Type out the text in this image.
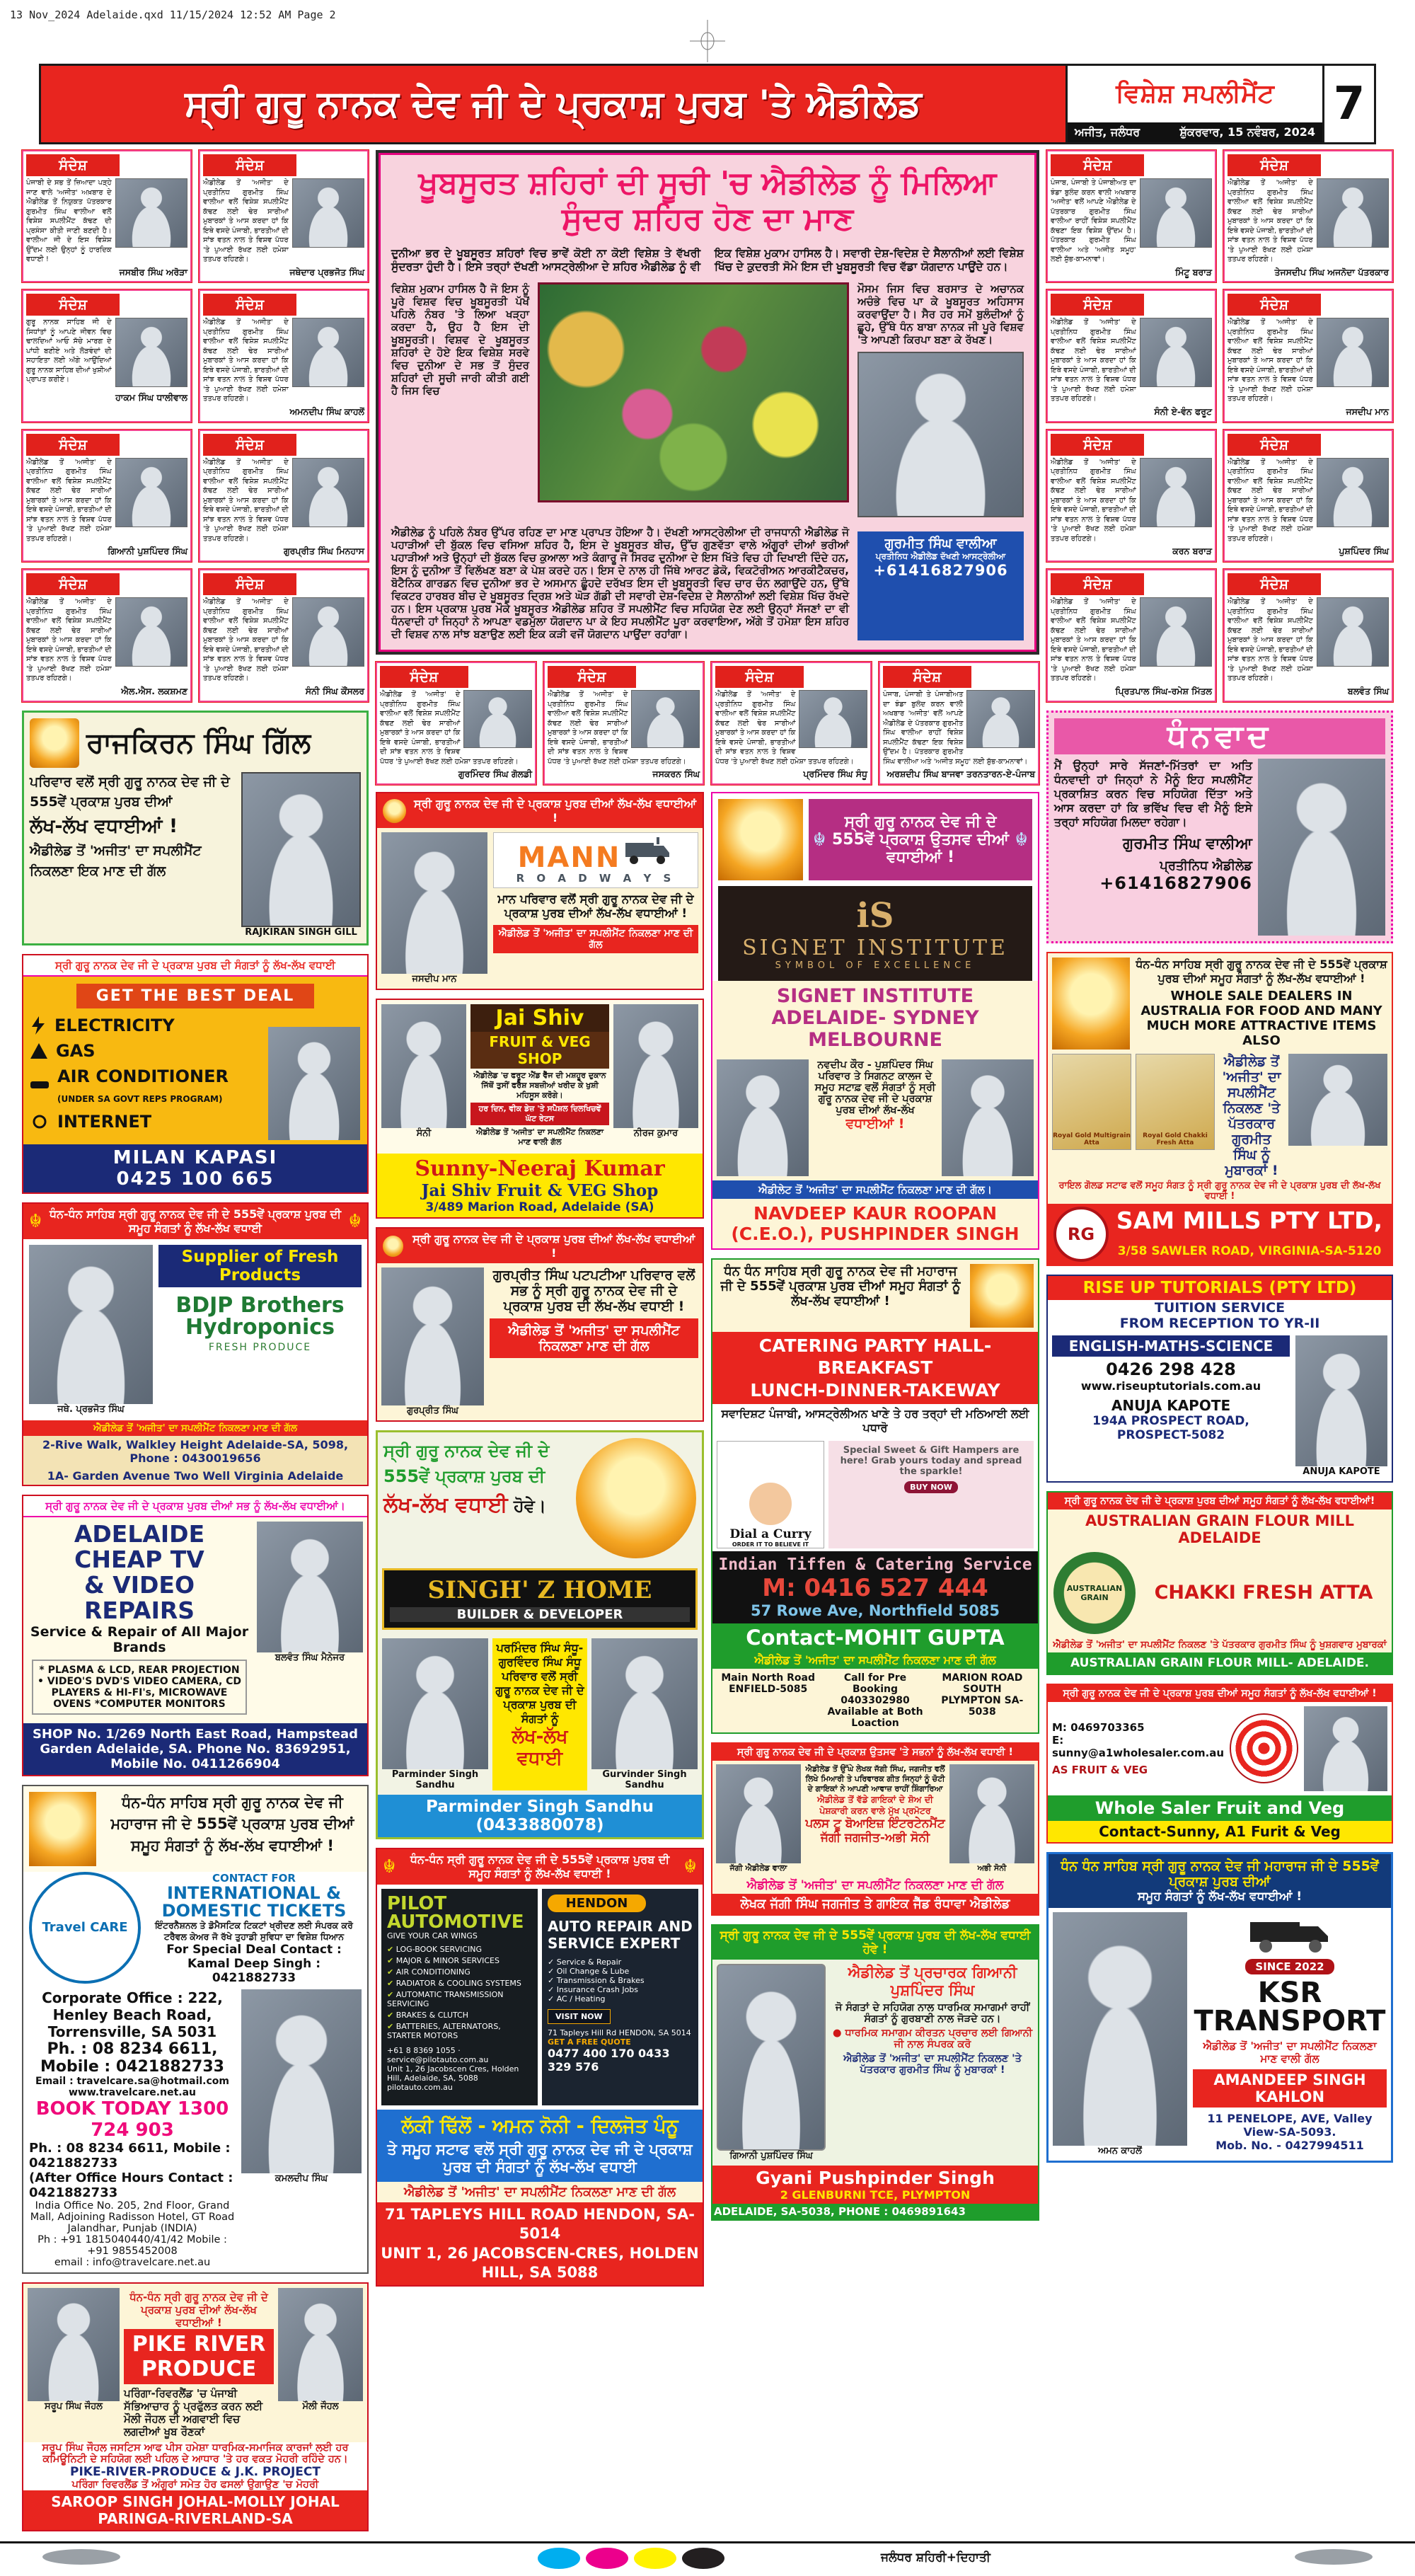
13 Nov_2024 Adelaide.qxd 11/15/2024 12:52 AM Page 2
ਸ੍ਰੀ ਗੁਰੂ ਨਾਨਕ ਦੇਵ ਜੀ ਦੇ ਪ੍ਰਕਾਸ਼ ਪੁਰਬ 'ਤੇ ਐਡੀਲੇਡ	ਵਿਸ਼ੇਸ਼ ਸਪਲੀਮੈਂਟ
ਅਜੀਤ, ਜਲੰਧਰ	ਸ਼ੁੱਕਰਵਾਰ, 15 ਨਵੰਬਰ, 2024
7
ਸੰਦੇਸ਼
ਪੰਜਾਬੀ ਦੇ ਸਭ ਤੋਂ ਜ਼ਿਆਦਾ ਪੜ੍ਹੇ ਜਾਣ ਵਾਲੇ 'ਅਜੀਤ' ਅਖ਼ਬਾਰ ਦੇ ਐਡੀਲੇਡ ਤੋਂ ਨਿਯੁਕਤ ਪੱਤਰਕਾਰ ਗੁਰਮੀਤ ਸਿੰਘ ਵਾਲੀਆ ਵਲੋਂ ਵਿਸ਼ੇਸ਼ ਸਪਲੀਮੈਂਟ ਕੱਢਣ ਦੀ ਪ੍ਰਸੰਸਾ ਕੀਤੀ ਜਾਣੀ ਬਣਦੀ ਹੈ। ਵਾਲੀਆ ਜੀ ਦੇ ਇਸ ਵਿਸ਼ੇਸ਼ ਉੱਦਮ ਲਈ ਉਨ੍ਹਾਂ ਨੂੰ ਹਾਰਦਿਕ ਵਧਾਈ !
ਜਸਬੀਰ ਸਿੰਘ ਅਰੋੜਾ
ਸੰਦੇਸ਼
ਐਡੀਲੇਡ ਤੋਂ 'ਅਜੀਤ' ਦੇ ਪ੍ਰਤੀਨਿਧ ਗੁਰਮੀਤ ਸਿੰਘ ਵਾਲੀਆ ਵਲੋਂ ਵਿਸ਼ੇਸ਼ ਸਪਲੀਮੈਂਟ ਕੱਢਣ ਲਈ ਢੇਰ ਸਾਰੀਆਂ ਮੁਬਾਰਕਾਂ ਤੇ ਆਸ ਕਰਦਾ ਹਾਂ ਕਿ ਇਥੇ ਵਸਦੇ ਪੰਜਾਬੀ, ਭਾਰਤੀਆਂ ਦੀ ਸਾਂਝ ਵਤਨ ਨਾਲ ਤੇ ਵਿਸ਼ਵ ਪੱਧਰ 'ਤੇ ਪੁਆਈ ਰੱਖਣ ਲਈ ਹਮੇਸ਼ਾ ਤਤਪਰ ਰਹਿਣਗੇ।
ਜਥੇਦਾਰ ਪ੍ਰਭਜੋਤ ਸਿੰਘ
ਸੰਦੇਸ਼
ਗੁਰੂ ਨਾਨਕ ਸਾਹਿਬ ਜੀ ਦੇ ਸਿਧਾਂਤਾਂ ਨੂੰ ਆਪਣੇ ਜੀਵਨ ਵਿਚ ਢਾਲਦਿਆਂ ਆਓ ਸੱਚੇ ਮਾਰਗ ਦੇ ਪਾਂਧੀ ਬਣੀਏ ਅਤੇ ਲੋੜਵੰਦਾਂ ਦੀ ਸਹਾਇਤਾ ਲਈ ਅੱਗੇ ਆਉਂਦਿਆਂ ਗੁਰੂ ਨਾਨਕ ਸਾਹਿਬ ਦੀਆਂ ਖੁਸ਼ੀਆਂ ਪ੍ਰਾਪਤ ਕਰੀਏ।
ਹਾਕਮ ਸਿੰਘ ਧਾਲੀਵਾਲ
ਸੰਦੇਸ਼
ਐਡੀਲੇਡ ਤੋਂ 'ਅਜੀਤ' ਦੇ ਪ੍ਰਤੀਨਿਧ ਗੁਰਮੀਤ ਸਿੰਘ ਵਾਲੀਆ ਵਲੋਂ ਵਿਸ਼ੇਸ਼ ਸਪਲੀਮੈਂਟ ਕੱਢਣ ਲਈ ਢੇਰ ਸਾਰੀਆਂ ਮੁਬਾਰਕਾਂ ਤੇ ਆਸ ਕਰਦਾ ਹਾਂ ਕਿ ਇਥੇ ਵਸਦੇ ਪੰਜਾਬੀ, ਭਾਰਤੀਆਂ ਦੀ ਸਾਂਝ ਵਤਨ ਨਾਲ ਤੇ ਵਿਸ਼ਵ ਪੱਧਰ 'ਤੇ ਪੁਆਈ ਰੱਖਣ ਲਈ ਹਮੇਸ਼ਾ ਤਤਪਰ ਰਹਿਣਗੇ।
ਅਮਨਦੀਪ ਸਿੰਘ ਕਾਹਲੋਂ
ਸੰਦੇਸ਼
ਐਡੀਲੇਡ ਤੋਂ 'ਅਜੀਤ' ਦੇ ਪ੍ਰਤੀਨਿਧ ਗੁਰਮੀਤ ਸਿੰਘ ਵਾਲੀਆ ਵਲੋਂ ਵਿਸ਼ੇਸ਼ ਸਪਲੀਮੈਂਟ ਕੱਢਣ ਲਈ ਢੇਰ ਸਾਰੀਆਂ ਮੁਬਾਰਕਾਂ ਤੇ ਆਸ ਕਰਦਾ ਹਾਂ ਕਿ ਇਥੇ ਵਸਦੇ ਪੰਜਾਬੀ, ਭਾਰਤੀਆਂ ਦੀ ਸਾਂਝ ਵਤਨ ਨਾਲ ਤੇ ਵਿਸ਼ਵ ਪੱਧਰ 'ਤੇ ਪੁਆਈ ਰੱਖਣ ਲਈ ਹਮੇਸ਼ਾ ਤਤਪਰ ਰਹਿਣਗੇ।
ਗਿਆਨੀ ਪੁਸ਼ਪਿੰਦਰ ਸਿੰਘ
ਸੰਦੇਸ਼
ਐਡੀਲੇਡ ਤੋਂ 'ਅਜੀਤ' ਦੇ ਪ੍ਰਤੀਨਿਧ ਗੁਰਮੀਤ ਸਿੰਘ ਵਾਲੀਆ ਵਲੋਂ ਵਿਸ਼ੇਸ਼ ਸਪਲੀਮੈਂਟ ਕੱਢਣ ਲਈ ਢੇਰ ਸਾਰੀਆਂ ਮੁਬਾਰਕਾਂ ਤੇ ਆਸ ਕਰਦਾ ਹਾਂ ਕਿ ਇਥੇ ਵਸਦੇ ਪੰਜਾਬੀ, ਭਾਰਤੀਆਂ ਦੀ ਸਾਂਝ ਵਤਨ ਨਾਲ ਤੇ ਵਿਸ਼ਵ ਪੱਧਰ 'ਤੇ ਪੁਆਈ ਰੱਖਣ ਲਈ ਹਮੇਸ਼ਾ ਤਤਪਰ ਰਹਿਣਗੇ।
ਗੁਰਪ੍ਰੀਤ ਸਿੰਘ ਮਿਨਹਾਸ
ਸੰਦੇਸ਼
ਐਡੀਲੇਡ ਤੋਂ 'ਅਜੀਤ' ਦੇ ਪ੍ਰਤੀਨਿਧ ਗੁਰਮੀਤ ਸਿੰਘ ਵਾਲੀਆ ਵਲੋਂ ਵਿਸ਼ੇਸ਼ ਸਪਲੀਮੈਂਟ ਕੱਢਣ ਲਈ ਢੇਰ ਸਾਰੀਆਂ ਮੁਬਾਰਕਾਂ ਤੇ ਆਸ ਕਰਦਾ ਹਾਂ ਕਿ ਇਥੇ ਵਸਦੇ ਪੰਜਾਬੀ, ਭਾਰਤੀਆਂ ਦੀ ਸਾਂਝ ਵਤਨ ਨਾਲ ਤੇ ਵਿਸ਼ਵ ਪੱਧਰ 'ਤੇ ਪੁਆਈ ਰੱਖਣ ਲਈ ਹਮੇਸ਼ਾ ਤਤਪਰ ਰਹਿਣਗੇ।
ਐਲ.ਐਸ. ਲਕਸ਼ਮਣ
ਸੰਦੇਸ਼
ਐਡੀਲੇਡ ਤੋਂ 'ਅਜੀਤ' ਦੇ ਪ੍ਰਤੀਨਿਧ ਗੁਰਮੀਤ ਸਿੰਘ ਵਾਲੀਆ ਵਲੋਂ ਵਿਸ਼ੇਸ਼ ਸਪਲੀਮੈਂਟ ਕੱਢਣ ਲਈ ਢੇਰ ਸਾਰੀਆਂ ਮੁਬਾਰਕਾਂ ਤੇ ਆਸ ਕਰਦਾ ਹਾਂ ਕਿ ਇਥੇ ਵਸਦੇ ਪੰਜਾਬੀ, ਭਾਰਤੀਆਂ ਦੀ ਸਾਂਝ ਵਤਨ ਨਾਲ ਤੇ ਵਿਸ਼ਵ ਪੱਧਰ 'ਤੇ ਪੁਆਈ ਰੱਖਣ ਲਈ ਹਮੇਸ਼ਾ ਤਤਪਰ ਰਹਿਣਗੇ।
ਸੰਨੀ ਸਿੰਘ ਕੌਂਸਲਰ
ਰਾਜਕਿਰਨ ਸਿੰਘ ਗਿੱਲ
ਪਰਿਵਾਰ ਵਲੋਂ ਸ੍ਰੀ ਗੁਰੂ ਨਾਨਕ ਦੇਵ ਜੀ ਦੇ 555ਵੇਂ ਪ੍ਰਕਾਸ਼ ਪੁਰਬ ਦੀਆਂ
ਲੱਖ-ਲੱਖ ਵਧਾਈਆਂ !
ਐਡੀਲੇਡ ਤੋਂ 'ਅਜੀਤ' ਦਾ ਸਪਲੀਮੈਂਟ ਨਿਕਲਣਾ ਇਕ ਮਾਣ ਦੀ ਗੱਲ
RAJKIRAN SINGH GILL
ਸ੍ਰੀ ਗੁਰੂ ਨਾਨਕ ਦੇਵ ਜੀ ਦੇ ਪ੍ਰਕਾਸ਼ ਪੁਰਬ ਦੀ ਸੰਗਤਾਂ ਨੂੰ ਲੱਖ-ਲੱਖ ਵਧਾਈ
GET THE BEST DEAL
ELECTRICITY
GAS
AIR CONDITIONER
(UNDER SA GOVT REPS PROGRAM)
INTERNET
MILAN KAPASI
0425 100 665
☬ ਧੰਨ-ਧੰਨ ਸਾਹਿਬ ਸ੍ਰੀ ਗੁਰੂ ਨਾਨਕ ਦੇਵ ਜੀ ਦੇ 555ਵੇਂ ਪ੍ਰਕਾਸ਼ ਪੁਰਬ ਦੀ ਸਮੂਹ ਸੰਗਤਾਂ ਨੂੰ ਲੱਖ-ਲੱਖ ਵਧਾਈ	☬
ਜਥੇ. ਪ੍ਰਭਜੋਤ ਸਿੰਘ
Supplier of Fresh Products
BDJP Brothers Hydroponics
FRESH PRODUCE
ਐਡੀਲੇਡ ਤੋਂ 'ਅਜੀਤ' ਦਾ ਸਪਲੀਮੈਂਟ ਨਿਕਲਣਾ ਮਾਣ ਦੀ ਗੱਲ
2-Rive Walk, Walkley Height Adelaide-SA, 5098, Phone : 0430019656
1A- Garden Avenue Two Well Virginia Adelaide
ਸ੍ਰੀ ਗੁਰੂ ਨਾਨਕ ਦੇਵ ਜੀ ਦੇ ਪ੍ਰਕਾਸ਼ ਪੁਰਬ ਦੀਆਂ ਸਭ ਨੂੰ ਲੱਖ-ਲੱਖ ਵਧਾਈਆਂ।
ADELAIDE CHEAP TV
& VIDEO REPAIRS
Service & Repair of All Major Brands
* PLASMA & LCD, REAR PROJECTION • VIDEO'S DVD'S VIDEO CAMERA, CD PLAYERS & HI-FI's, MICROWAVE OVENS *COMPUTER MONITORS
ਬਲਵੰਤ ਸਿੰਘ ਮੈਨੇਜਰ
SHOP No. 1/269 North East Road, Hampstead Garden Adelaide, SA. Phone No. 83692951, Mobile No. 0411266904
ਧੰਨ-ਧੰਨ ਸਾਹਿਬ ਸ੍ਰੀ ਗੁਰੂ ਨਾਨਕ ਦੇਵ ਜੀ ਮਹਾਰਾਜ ਜੀ ਦੇ 555ਵੇਂ ਪ੍ਰਕਾਸ਼ ਪੁਰਬ ਦੀਆਂ ਸਮੂਹ ਸੰਗਤਾਂ ਨੂੰ ਲੱਖ-ਲੱਖ ਵਧਾਈਆਂ !
Travel CARE
CONTACT FOR
INTERNATIONAL & DOMESTIC TICKETS
ਇੰਟਰਨੈਸ਼ਨਲ ਤੇ ਡੋਮੈਸਟਿਕ ਟਿਕਟਾਂ ਖ੍ਰੀਦਣ ਲਈ ਸੰਪਰਕ ਕਰੋ
ਟਰੈਵਲ ਕੇਅਰ ਜੋ ਰੱਖੇ ਤੁਹਾਡੀ ਸੁਵਿਧਾ ਦਾ ਵਿਸ਼ੇਸ਼ ਧਿਆਨ
For Special Deal Contact : Kamal Deep Singh : 0421882733
Corporate Office : 222, Henley Beach Road, Torrensville, SA 5031
Ph. : 08 8234 6611, Mobile : 0421882733
Email : travelcare.sa@hotmail.com www.travelcare.net.au
BOOK TODAY 1300 724 903
Ph. : 08 8234 6611, Mobile : 0421882733
(After Office Hours Contact : 0421882733
India Office No. 205, 2nd Floor, Grand Mall, Adjoining Radisson Hotel, GT Road Jalandhar, Punjab (INDIA)
Ph : +91 1815040440/41/42 Mobile : +91 9855452008
email : info@travelcare.net.au
ਕਮਲਦੀਪ ਸਿੰਘ
ਸਰੂਪ ਸਿੰਘ ਜੌਹਲ
ਧੰਨ-ਧੰਨ ਸ੍ਰੀ ਗੁਰੂ ਨਾਨਕ ਦੇਵ ਜੀ ਦੇ ਪ੍ਰਕਾਸ਼ ਪੁਰਬ ਦੀਆਂ ਲੱਖ-ਲੱਖ ਵਧਾਈਆਂ !
PIKE RIVER PRODUCE
ਪਰਿੰਗਾ-ਰਿਵਰਲੈਂਡ 'ਚ ਪੰਜਾਬੀ ਸੱਭਿਆਚਾਰ ਨੂੰ ਪ੍ਰਫੁੱਲਤ ਕਰਨ ਲਈ ਮੌਲੀ ਜੌਹਲ ਦੀ ਅਗਵਾਈ ਵਿਚ ਲਗਦੀਆਂ ਖੂਬ ਰੌਣਕਾਂ
ਮੌਲੀ ਜੌਹਲ
ਸਰੂਪ ਸਿੰਘ ਜੌਹਲ ਜਸਟਿਸ ਆਫ ਪੀਸ ਹਮੇਸ਼ਾ ਧਾਰਮਿਕ-ਸਮਾਜਿਕ ਕਾਰਜਾਂ ਲਈ ਹਰ ਕਮਿਊਨਿਟੀ ਦੇ ਸਹਿਯੋਗ ਲਈ ਪਹਿਲ ਦੇ ਆਧਾਰ 'ਤੇ ਹਰ ਵਕਤ ਮੋਹਰੀ ਰਹਿੰਦੇ ਹਨ।
PIKE-RIVER-PRODUCE & J.K. PROJECT
ਪਰਿੰਗਾ ਰਿਵਰਲੈਂਡ ਤੋਂ ਅੰਗੂਰਾਂ ਸਮੇਤ ਹੋਰ ਫਸਲਾਂ ਉਗਾਉਣ 'ਚ ਮੋਹਰੀ
SAROOP SINGH JOHAL-MOLLY JOHAL
PARINGA-RIVERLAND-SA
ਖੂਬਸੂਰਤ ਸ਼ਹਿਰਾਂ ਦੀ ਸੂਚੀ 'ਚ ਐਡੀਲੇਡ ਨੂੰ ਮਿਲਿਆ ਸੁੰਦਰ ਸ਼ਹਿਰ ਹੋਣ ਦਾ ਮਾਣ
ਦੁਨੀਆ ਭਰ ਦੇ ਖੂਬਸੂਰਤ ਸ਼ਹਿਰਾਂ ਵਿਚ ਭਾਵੇਂ ਕੋਈ ਨਾ ਕੋਈ ਵਿਸ਼ੇਸ਼ ਤੇ ਵੱਖਰੀ ਸੁੰਦਰਤਾ ਹੁੰਦੀ ਹੈ। ਇਸੇ ਤਰ੍ਹਾਂ ਦੱਖਣੀ ਆਸਟ੍ਰੇਲੀਆ ਦੇ ਸ਼ਹਿਰ ਐਡੀਲੇਡ ਨੂੰ ਵੀ ਇਕ ਵਿਸ਼ੇਸ਼ ਮੁਕਾਮ ਹਾਸਿਲ ਹੈ। ਸਵਾਰੀ ਦੇਸ਼-ਵਿਦੇਸ਼ ਦੇ ਸੈਲਾਨੀਆਂ ਲਈ ਵਿਸ਼ੇਸ਼ ਖਿੱਚ ਦੇ ਕੁਦਰਤੀ ਸੋਮੇ ਇਸ ਦੀ ਖੂਬਸੂਰਤੀ ਵਿਚ ਵੱਡਾ ਯੋਗਦਾਨ ਪਾਉਂਦੇ ਹਨ।
ਵਿਸ਼ੇਸ਼ ਮੁਕਾਮ ਹਾਸਿਲ ਹੈ ਜੋ ਇਸ ਨੂੰ ਪੂਰੇ ਵਿਸ਼ਵ ਵਿਚ ਖੂਬਸੂਰਤੀ ਪੱਖੋਂ ਪਹਿਲੇ ਨੰਬਰ 'ਤੇ ਲਿਆ ਖੜ੍ਹਾ ਕਰਦਾ ਹੈ, ਉਹ ਹੈ ਇਸ ਦੀ ਖੂਬਸੂਰਤੀ। ਵਿਸ਼ਵ ਦੇ ਖੂਬਸੂਰਤ ਸ਼ਹਿਰਾਂ ਦੇ ਹੋਏ ਇਕ ਵਿਸ਼ੇਸ਼ ਸਰਵੇ ਵਿਚ ਦੁਨੀਆ ਦੇ ਸਭ ਤੋਂ ਸੁੰਦਰ ਸ਼ਹਿਰਾਂ ਦੀ ਸੂਚੀ ਜਾਰੀ ਕੀਤੀ ਗਈ ਹੈ ਜਿਸ ਵਿਚ
ਮੌਸਮ ਜਿਸ ਵਿਚ ਬਰਸਾਤ ਦੇ ਅਚਾਨਕ ਅਚੰਭੇ ਵਿਚ ਪਾ ਕੇ ਖੂਬਸੂਰਤ ਅਹਿਸਾਸ ਕਰਵਾਉਂਦਾ ਹੈ। ਸੈਰ ਹਰ ਸਮੇਂ ਬੁਲੰਦੀਆਂ ਨੂੰ ਛੂਹੇ, ਉੱਥੇ ਧੰਨ ਬਾਬਾ ਨਾਨਕ ਜੀ ਪੂਰੇ ਵਿਸ਼ਵ 'ਤੇ ਆਪਣੀ ਕਿਰਪਾ ਬਣਾ ਕੇ ਰੱਖਣ।
ਐਡੀਲੇਡ ਨੂੰ ਪਹਿਲੇ ਨੰਬਰ ਉੱਪਰ ਰਹਿਣ ਦਾ ਮਾਣ ਪ੍ਰਾਪਤ ਹੋਇਆ ਹੈ। ਦੱਖਣੀ ਆਸਟ੍ਰੇਲੀਆ ਦੀ ਰਾਜਧਾਨੀ ਐਡੀਲੇਡ ਜੋ ਪਹਾੜੀਆਂ ਦੀ ਬੁੱਕਲ ਵਿਚ ਵਸਿਆ ਸ਼ਹਿਰ ਹੈ, ਇਸ ਦੇ ਖੂਬਸੂਰਤ ਬੀਚ, ਉੱਚ ਗੁਣਵੱਤਾ ਵਾਲੇ ਅੰਗੂਰਾਂ ਦੀਆਂ ਭਰੀਆਂ ਪਹਾੜੀਆਂ ਅਤੇ ਉਨ੍ਹਾਂ ਦੀ ਬੁੱਕਲ ਵਿਚ ਕੁਆਲਾ ਅਤੇ ਕੰਗਾਰੂ ਜੋ ਸਿਰਫ ਦੁਨੀਆ ਦੇ ਇਸ ਖਿੱਤੇ ਵਿਚ ਹੀ ਦਿਖਾਈ ਦਿੰਦੇ ਹਨ, ਇਸ ਨੂੰ ਦੁਨੀਆ ਤੋਂ ਵਿਲੱਖਣ ਬਣਾ ਕੇ ਪੇਸ਼ ਕਰਦੇ ਹਨ। ਇਸ ਦੇ ਨਾਲ ਹੀ ਜਿੱਥੇ ਆਰਟ ਡੇਕੋ, ਵਿਕਟੋਰੀਅਨ ਆਰਕੀਟੈਕਚਰ, ਬੋਟੈਨਿਕ ਗਾਰਡਨ ਵਿਚ ਦੁਨੀਆ ਭਰ ਦੇ ਅਸਮਾਨ ਛੂੰਹਦੇ ਦਰੱਖਤ ਇਸ ਦੀ ਖੂਬਸੂਰਤੀ ਵਿਚ ਚਾਰ ਚੰਨ ਲਗਾਉਂਦੇ ਹਨ, ਉੱਥੇ ਵਿਕਟਰ ਹਾਰਬਰ ਬੀਚ ਦੇ ਖੂਬਸੂਰਤ ਦ੍ਰਿਸ਼ ਅਤੇ ਘੋੜ ਗੱਡੀ ਦੀ ਸਵਾਰੀ ਦੇਸ਼-ਵਿਦੇਸ਼ ਦੇ ਸੈਲਾਨੀਆਂ ਲਈ ਵਿਸ਼ੇਸ਼ ਖਿੱਚ ਰੱਖਦੇ ਹਨ। ਇਸ ਪ੍ਰਕਾਸ਼ ਪੁਰਬ ਮੌਕੇ ਖੂਬਸੂਰਤ ਐਡੀਲੇਡ ਸ਼ਹਿਰ ਤੋਂ ਸਪਲੀਮੈਂਟ ਵਿਚ ਸਹਿਯੋਗ ਦੇਣ ਲਈ ਉਨ੍ਹਾਂ ਸੱਜਣਾਂ ਦਾ ਵੀ ਧੰਨਵਾਦੀ ਹਾਂ ਜਿਨ੍ਹਾਂ ਨੇ ਆਪਣਾ ਵਡਮੁੱਲਾ ਯੋਗਦਾਨ ਪਾ ਕੇ ਇਹ ਸਪਲੀਮੈਂਟ ਪੂਰਾ ਕਰਵਾਇਆ, ਅੱਗੇ ਤੋਂ ਹਮੇਸ਼ਾ ਇਸ ਸ਼ਹਿਰ ਦੀ ਵਿਸ਼ਵ ਨਾਲ ਸਾਂਝ ਬਣਾਉਣ ਲਈ ਇਕ ਕੜੀ ਵਜੋਂ ਯੋਗਦਾਨ ਪਾਉਂਦਾ ਰਹਾਂਗਾ।
ਗੁਰਮੀਤ ਸਿੰਘ ਵਾਲੀਆ
ਪ੍ਰਤੀਨਿਧ ਐਡੀਲੇਡ ਦੱਖਣੀ ਆਸਟ੍ਰੇਲੀਆ
+61416827906
ਸੰਦੇਸ਼
ਐਡੀਲੇਡ ਤੋਂ 'ਅਜੀਤ' ਦੇ ਪ੍ਰਤੀਨਿਧ ਗੁਰਮੀਤ ਸਿੰਘ ਵਾਲੀਆ ਵਲੋਂ ਵਿਸ਼ੇਸ਼ ਸਪਲੀਮੈਂਟ ਕੱਢਣ ਲਈ ਢੇਰ ਸਾਰੀਆਂ ਮੁਬਾਰਕਾਂ ਤੇ ਆਸ ਕਰਦਾ ਹਾਂ ਕਿ ਇਥੇ ਵਸਦੇ ਪੰਜਾਬੀ, ਭਾਰਤੀਆਂ ਦੀ ਸਾਂਝ ਵਤਨ ਨਾਲ ਤੇ ਵਿਸ਼ਵ ਪੱਧਰ 'ਤੇ ਪੁਆਈ ਰੱਖਣ ਲਈ ਹਮੇਸ਼ਾ ਤਤਪਰ ਰਹਿਣਗੇ।
ਗੁਰਮਿੰਦਰ ਸਿੰਘ ਗੋਲਡੀ
ਸੰਦੇਸ਼
ਐਡੀਲੇਡ ਤੋਂ 'ਅਜੀਤ' ਦੇ ਪ੍ਰਤੀਨਿਧ ਗੁਰਮੀਤ ਸਿੰਘ ਵਾਲੀਆ ਵਲੋਂ ਵਿਸ਼ੇਸ਼ ਸਪਲੀਮੈਂਟ ਕੱਢਣ ਲਈ ਢੇਰ ਸਾਰੀਆਂ ਮੁਬਾਰਕਾਂ ਤੇ ਆਸ ਕਰਦਾ ਹਾਂ ਕਿ ਇਥੇ ਵਸਦੇ ਪੰਜਾਬੀ, ਭਾਰਤੀਆਂ ਦੀ ਸਾਂਝ ਵਤਨ ਨਾਲ ਤੇ ਵਿਸ਼ਵ ਪੱਧਰ 'ਤੇ ਪੁਆਈ ਰੱਖਣ ਲਈ ਹਮੇਸ਼ਾ ਤਤਪਰ ਰਹਿਣਗੇ।
ਜਸਕਰਨ ਸਿੰਘ
ਸੰਦੇਸ਼
ਐਡੀਲੇਡ ਤੋਂ 'ਅਜੀਤ' ਦੇ ਪ੍ਰਤੀਨਿਧ ਗੁਰਮੀਤ ਸਿੰਘ ਵਾਲੀਆ ਵਲੋਂ ਵਿਸ਼ੇਸ਼ ਸਪਲੀਮੈਂਟ ਕੱਢਣ ਲਈ ਢੇਰ ਸਾਰੀਆਂ ਮੁਬਾਰਕਾਂ ਤੇ ਆਸ ਕਰਦਾ ਹਾਂ ਕਿ ਇਥੇ ਵਸਦੇ ਪੰਜਾਬੀ, ਭਾਰਤੀਆਂ ਦੀ ਸਾਂਝ ਵਤਨ ਨਾਲ ਤੇ ਵਿਸ਼ਵ ਪੱਧਰ 'ਤੇ ਪੁਆਈ ਰੱਖਣ ਲਈ ਹਮੇਸ਼ਾ ਤਤਪਰ ਰਹਿਣਗੇ।
ਪ੍ਰਮਿੰਦਰ ਸਿੰਘ ਸੰਧੂ
ਸੰਦੇਸ਼
ਪੰਜਾਬ, ਪੰਜਾਬੀ ਤੇ ਪੰਜਾਬੀਅਤ ਦਾ ਝੰਡਾ ਬੁਲੰਦ ਕਰਨ ਵਾਲੀ ਅਖਬਾਰ 'ਅਜੀਤ' ਵਲੋਂ ਆਪਣੇ ਐਡੀਲੇਡ ਦੇ ਪੱਤਰਕਾਰ ਗੁਰਮੀਤ ਸਿੰਘ ਵਾਲੀਆ ਰਾਹੀਂ ਵਿਸ਼ੇਸ਼ ਸਪਲੀਮੈਂਟ ਕੱਢਣਾ ਇਕ ਵਿਸ਼ੇਸ਼ ਉੱਦਮ ਹੈ। ਪੱਤਰਕਾਰ ਗੁਰਮੀਤ ਸਿੰਘ ਵਾਲੀਆ ਅਤੇ 'ਅਜੀਤ ਸਮੂਹ' ਲਈ ਸ਼ੁੱਭ-ਕਾਮਨਾਵਾਂ।
ਅਰਸ਼ਦੀਪ ਸਿੰਘ ਬਾਜਵਾ ਤਰਨਤਾਰਨ-ਏ-ਪੰਜਾਬ
ਸ੍ਰੀ ਗੁਰੂ ਨਾਨਕ ਦੇਵ ਜੀ ਦੇ ਪ੍ਰਕਾਸ਼ ਪੁਰਬ ਦੀਆਂ ਲੱਖ-ਲੱਖ ਵਧਾਈਆਂ !
ਜਸਦੀਪ ਮਾਨ
MANN
R O A D W A Y S
ਮਾਨ ਪਰਿਵਾਰ ਵਲੋਂ ਸ੍ਰੀ ਗੁਰੂ ਨਾਨਕ ਦੇਵ ਜੀ ਦੇ ਪ੍ਰਕਾਸ਼ ਪੁਰਬ ਦੀਆਂ ਲੱਖ-ਲੱਖ ਵਧਾਈਆਂ !
ਐਡੀਲੇਡ ਤੋਂ 'ਅਜੀਤ' ਦਾ ਸਪਲੀਮੈਂਟ ਨਿਕਲਣਾ ਮਾਣ ਦੀ ਗੱਲ
ਸੰਨੀ
Jai Shiv
FRUIT & VEG SHOP
ਐਡੀਲੇਡ 'ਚ ਫਰੂਟ ਐਂਡ ਵੈੱਜ ਦੀ ਮਸ਼ਹੂਰ ਦੁਕਾਨ ਜਿੱਥੋਂ ਤੁਸੀਂ ਫਰੈੱਸ਼ ਸਬਜ਼ੀਆਂ ਖਰੀਦ ਕੇ ਖੁਸ਼ੀ ਮਹਿਸੂਸ ਕਰੋਗੇ।
ਹਰ ਦਿਨ, ਵੀਕ ਡੇਜ਼ 'ਤੇ ਸਪੈਸ਼ਲ ਦਿਲਖਿਚਵੇਂ ਘੱਟ ਰੇਟਸ
ਐਡੀਲੇਡ ਤੋਂ 'ਅਜੀਤ' ਦਾ ਸਪਲੀਮੈਂਟ ਨਿਕਲਣਾ ਮਾਣ ਵਾਲੀ ਗੱਲ
ਨੀਰਜ ਕੁਮਾਰ
Sunny-Neeraj Kumar
Jai Shiv Fruit & VEG Shop
3/489 Marion Road, Adelaide (SA)
ਸ੍ਰੀ ਗੁਰੂ ਨਾਨਕ ਦੇਵ ਜੀ ਦੇ ਪ੍ਰਕਾਸ਼ ਪੁਰਬ ਦੀਆਂ ਲੱਖ-ਲੱਖ ਵਧਾਈਆਂ !
ਗੁਰਪ੍ਰੀਤ ਸਿੰਘ
ਗੁਰਪ੍ਰੀਤ ਸਿੰਘ ਪਟਪਟੀਆ ਪਰਿਵਾਰ ਵਲੋਂ ਸਭ ਨੂੰ ਸ੍ਰੀ ਗੁਰੂ ਨਾਨਕ ਦੇਵ ਜੀ ਦੇ ਪ੍ਰਕਾਸ਼ ਪੁਰਬ ਦੀ ਲੱਖ-ਲੱਖ ਵਧਾਈ !
ਐਡੀਲੇਡ ਤੋਂ 'ਅਜੀਤ' ਦਾ ਸਪਲੀਮੈਂਟ ਨਿਕਲਣਾ ਮਾਣ ਦੀ ਗੱਲ
ਸ੍ਰੀ ਗੁਰੂ ਨਾਨਕ ਦੇਵ ਜੀ ਦੇ 555ਵੇਂ ਪ੍ਰਕਾਸ਼ ਪੁਰਬ ਦੀ
ਲੱਖ-ਲੱਖ ਵਧਾਈ ਹੋਵੇ।
SINGH' Z HOME
BUILDER & DEVELOPER
Parminder Singh Sandhu
ਪਰਮਿੰਦਰ ਸਿੰਘ ਸੰਧੂ-ਗੁਰਵਿੰਦਰ ਸਿੰਘ ਸੰਧੂ ਪਰਿਵਾਰ ਵਲੋਂ ਸ੍ਰੀ ਗੁਰੂ ਨਾਨਕ ਦੇਵ ਜੀ ਦੇ ਪ੍ਰਕਾਸ਼ ਪੁਰਬ ਦੀ ਸੰਗਤਾਂ ਨੂੰ
ਲੱਖ-ਲੱਖ ਵਧਾਈ
Gurvinder Singh Sandhu
Parminder Singh Sandhu (0433880078)
☬	ਧੰਨ-ਧੰਨ ਸ੍ਰੀ ਗੁਰੂ ਨਾਨਕ ਦੇਵ ਜੀ ਦੇ 555ਵੇਂ ਪ੍ਰਕਾਸ਼ ਪੁਰਬ ਦੀ ਸਮੂਹ ਸੰਗਤਾਂ ਨੂੰ ਲੱਖ-ਲੱਖ ਵਧਾਈ !	☬
PILOT AUTOMOTIVE
GIVE YOUR CAR WINGS
✔ LOG-BOOK SERVICING
✔ MAJOR & MINOR SERVICES
✔ AIR CONDITIONING
✔ RADIATOR & COOLING SYSTEMS
✔ AUTOMATIC TRANSMISSION SERVICING
✔ BRAKES & CLUTCH
✔ BATTERIES, ALTERNATORS, STARTER MOTORS
+61 8 8369 1055 · service@pilotauto.com.au
Unit 1, 26 Jacobscen Cres, Holden Hill, Adelaide, SA, 5088
pilotauto.com.au
HENDON
AUTO REPAIR AND SERVICE EXPERT
✓ Service & Repair
✓ Oil Change & Lube
✓ Transmission & Brakes
✓ Insurance Crash Jobs
✓ AC / Heating
VISIT NOW
71 Tapleys Hill Rd HENDON, SA 5014
GET A FREE QUOTE
0477 400 170 0433 329 576
ਲੱਕੀ ਢਿੱਲੋਂ - ਅਮਨ ਨੋਨੀ - ਦਿਲਜੋਤ ਪੰਨੂ
ਤੇ ਸਮੂਹ ਸਟਾਫ ਵਲੋਂ ਸ੍ਰੀ ਗੁਰੂ ਨਾਨਕ ਦੇਵ ਜੀ ਦੇ ਪ੍ਰਕਾਸ਼ ਪੁਰਬ ਦੀ ਸੰਗਤਾਂ ਨੂੰ ਲੱਖ-ਲੱਖ ਵਧਾਈ
ਐਡੀਲੇਡ ਤੋਂ 'ਅਜੀਤ' ਦਾ ਸਪਲੀਮੈਂਟ ਨਿਕਲਣਾ ਮਾਣ ਦੀ ਗੱਲ
71 TAPLEYS HILL ROAD HENDON, SA-5014
UNIT 1, 26 JACOBSCEN-CRES, HOLDEN HILL, SA 5088
☬
ਸ੍ਰੀ ਗੁਰੂ ਨਾਨਕ ਦੇਵ ਜੀ ਦੇ 555ਵੇਂ ਪ੍ਰਕਾਸ਼ ਉਤਸਵ ਦੀਆਂ ਵਧਾਈਆਂ !
☬
iS
SIGNET INSTITUTE
SYMBOL OF EXCELLENCE
SIGNET INSTITUTE ADELAIDE- SYDNEY MELBOURNE
ਨਵਦੀਪ ਕੌਰ - ਪੁਸ਼ਪਿੰਦਰ ਸਿੰਘ ਪਰਿਵਾਰ ਤੇ ਸਿਗਨਟ ਕਾਲਜ ਦੇ ਸਮੂਹ ਸਟਾਫ਼ ਵਲੋਂ ਸੰਗਤਾਂ ਨੂੰ ਸ੍ਰੀ ਗੁਰੂ ਨਾਨਕ ਦੇਵ ਜੀ ਦੇ ਪ੍ਰਕਾਸ਼ ਪੁਰਬ ਦੀਆਂ ਲੱਖ-ਲੱਖ ਵਧਾਈਆਂ !
ਐਡੀਲੇਟ ਤੋਂ 'ਅਜੀਤ' ਦਾ ਸਪਲੀਮੈਂਟ ਨਿਕਲਣਾ ਮਾਣ ਦੀ ਗੱਲ।
NAVDEEP KAUR ROOPAN (C.E.O.), PUSHPINDER SINGH
ਧੰਨ ਧੰਨ ਸਾਹਿਬ ਸ੍ਰੀ ਗੁਰੂ ਨਾਨਕ ਦੇਵ ਜੀ ਮਹਾਰਾਜ ਜੀ ਦੇ 555ਵੇਂ ਪ੍ਰਕਾਸ਼ ਪੁਰਬ ਦੀਆਂ ਸਮੂਹ ਸੰਗਤਾਂ ਨੂੰ ਲੱਖ-ਲੱਖ ਵਧਾਈਆਂ !
CATERING PARTY HALL-BREAKFAST
LUNCH-DINNER-TAKEWAY
ਸਵਾਦਿਸ਼ਟ ਪੰਜਾਬੀ, ਆਸਟ੍ਰੇਲੀਅਨ ਖਾਣੇ ਤੇ ਹਰ ਤਰ੍ਹਾਂ ਦੀ ਮਠਿਆਈ ਲਈ ਪਧਾਰੋ
Dial a Curry
ORDER IT TO BELIEVE IT
Special Sweet & Gift Hampers are here! Grab yours today and spread the sparkle!
BUY NOW
Indian Tiffen & Catering Service
M: 0416 527 444
57 Rowe Ave, Northfield 5085
Contact-MOHIT GUPTA
ਐਡੀਲੇਡ ਤੋਂ 'ਅਜੀਤ' ਦਾ ਸਪਲੀਮੈਂਟ ਨਿਕਲਣਾ ਮਾਣ ਦੀ ਗੱਲ
Main North Road
ENFIELD-5085
Call for Pre Booking
0403302980
Available at Both Loaction
MARION ROAD SOUTH
PLYMPTON SA-5038
ਸ੍ਰੀ ਗੁਰੂ ਨਾਨਕ ਦੇਵ ਜੀ ਦੇ ਪ੍ਰਕਾਸ਼ ਉਤਸਵ 'ਤੇ ਸਭਨਾਂ ਨੂੰ ਲੱਖ-ਲੱਖ ਵਧਾਈ !
ਜੱਗੀ ਐਡੀਲੇਡ ਵਾਲਾ
ਐਡੀਲੇਡ ਤੋਂ ਉੱਘੇ ਲੇਖਕ ਜੱਗੀ ਸਿੰਘ, ਜਗਜੀਤ ਵਲੋਂ ਲਿਖੇ ਮਿਆਰੀ ਤੇ ਪਰਿਵਾਰਕ ਗੀਤ ਜਿਨ੍ਹਾਂ ਨੂੰ ਚੋਟੀ ਦੇ ਗਾਇਕਾਂ ਨੇ ਆਪਣੀ ਆਵਾਜ਼ ਰਾਹੀਂ ਸ਼ਿੰਗਾਰਿਆ
ਐਡੀਲੇਡ ਤੋਂ ਵੱਡੇ ਗਾਇਕਾਂ ਦੇ ਸ਼ੋਅ ਦੀ ਪੇਸ਼ਕਾਰੀ ਕਰਨ ਵਾਲੇ ਮੁੱਖ ਪ੍ਰਮੋਟਰ
ਪਲਸ ਟੂ ਬੋਆਇਜ਼ ਇੰਟਰਟੇਨਮੈਂਟ ਜੱਗੀ ਜਗਜੀਤ-ਅਭੀ ਸੋਨੀ
ਅਭੀ ਸੋਨੀ
ਐਡੀਲੇਡ ਤੋਂ 'ਅਜੀਤ' ਦਾ ਸਪਲੀਮੈਂਟ ਨਿਕਲਣਾ ਮਾਣ ਦੀ ਗੱਲ
ਲੇਖਕ ਜੱਗੀ ਸਿੰਘ ਜਗਜੀਤ ਤੇ ਗਾਇਕ ਜੈੱਡ ਰੰਧਾਵਾ ਐਡੀਲੇਡ
ਸ੍ਰੀ ਗੁਰੂ ਨਾਨਕ ਦੇਵ ਜੀ ਦੇ 555ਵੇਂ ਪ੍ਰਕਾਸ਼ ਪੁਰਬ ਦੀ ਲੱਖ-ਲੱਖ ਵਧਾਈ ਹੋਵੇ !
ਗਿਆਨੀ ਪੁਸ਼ਪਿੰਦਰ ਸਿੰਘ
ਐਡੀਲੇਡ ਤੋਂ ਪ੍ਰਚਾਰਕ ਗਿਆਨੀ ਪੁਸ਼ਪਿੰਦਰ ਸਿੰਘ
ਜੋ ਸੰਗਤਾਂ ਦੇ ਸਹਿਯੋਗ ਨਾਲ ਧਾਰਮਿਕ ਸਮਾਗਮਾਂ ਰਾਹੀਂ ਸੰਗਤਾਂ ਨੂੰ ਗੁਰਬਾਣੀ ਨਾਲ ਜੋੜਦੇ ਹਨ।
● ਧਾਰਮਿਕ ਸਮਾਗਮ ਕੀਰਤਨ ਪ੍ਰਚਾਰ ਲਈ ਗਿਆਨੀ ਜੀ ਨਾਲ ਸੰਪਰਕ ਕਰੋ
ਐਡੀਲੇਡ ਤੋਂ 'ਅਜੀਤ' ਦਾ ਸਪਲੀਮੈਂਟ ਨਿਕਲਣ 'ਤੇ ਪੱਤਰਕਾਰ ਗੁਰਮੀਤ ਸਿੰਘ ਨੂੰ ਮੁਬਾਰਕਾਂ !
Gyani Pushpinder Singh
2 GLENBURNI TCE, PLYMPTON
ADELAIDE, SA-5038, PHONE : 0469891643
ਸੰਦੇਸ਼
ਪੰਜਾਬ, ਪੰਜਾਬੀ ਤੇ ਪੰਜਾਬੀਅਤ ਦਾ ਝੰਡਾ ਬੁਲੰਦ ਕਰਨ ਵਾਲੀ ਅਖਬਾਰ 'ਅਜੀਤ' ਵਲੋਂ ਆਪਣੇ ਐਡੀਲੇਡ ਦੇ ਪੱਤਰਕਾਰ ਗੁਰਮੀਤ ਸਿੰਘ ਵਾਲੀਆ ਰਾਹੀਂ ਵਿਸ਼ੇਸ਼ ਸਪਲੀਮੈਂਟ ਕੱਢਣਾ ਇਕ ਵਿਸ਼ੇਸ਼ ਉੱਦਮ ਹੈ। ਪੱਤਰਕਾਰ ਗੁਰਮੀਤ ਸਿੰਘ ਵਾਲੀਆ ਅਤੇ 'ਅਜੀਤ ਸਮੂਹ' ਲਈ ਸ਼ੁੱਭ-ਕਾਮਨਾਵਾਂ।
ਮਿੰਟੂ ਬਰਾੜ
ਸੰਦੇਸ਼
ਐਡੀਲੇਡ ਤੋਂ 'ਅਜੀਤ' ਦੇ ਪ੍ਰਤੀਨਿਧ ਗੁਰਮੀਤ ਸਿੰਘ ਵਾਲੀਆ ਵਲੋਂ ਵਿਸ਼ੇਸ਼ ਸਪਲੀਮੈਂਟ ਕੱਢਣ ਲਈ ਢੇਰ ਸਾਰੀਆਂ ਮੁਬਾਰਕਾਂ ਤੇ ਆਸ ਕਰਦਾ ਹਾਂ ਕਿ ਇਥੇ ਵਸਦੇ ਪੰਜਾਬੀ, ਭਾਰਤੀਆਂ ਦੀ ਸਾਂਝ ਵਤਨ ਨਾਲ ਤੇ ਵਿਸ਼ਵ ਪੱਧਰ 'ਤੇ ਪੁਆਈ ਰੱਖਣ ਲਈ ਹਮੇਸ਼ਾ ਤਤਪਰ ਰਹਿਣਗੇ।
ਤੇਜਸਦੀਪ ਸਿੰਘ ਅਜਨੋਦਾ ਪੱਤਰਕਾਰ
ਸੰਦੇਸ਼
ਐਡੀਲੇਡ ਤੋਂ 'ਅਜੀਤ' ਦੇ ਪ੍ਰਤੀਨਿਧ ਗੁਰਮੀਤ ਸਿੰਘ ਵਾਲੀਆ ਵਲੋਂ ਵਿਸ਼ੇਸ਼ ਸਪਲੀਮੈਂਟ ਕੱਢਣ ਲਈ ਢੇਰ ਸਾਰੀਆਂ ਮੁਬਾਰਕਾਂ ਤੇ ਆਸ ਕਰਦਾ ਹਾਂ ਕਿ ਇਥੇ ਵਸਦੇ ਪੰਜਾਬੀ, ਭਾਰਤੀਆਂ ਦੀ ਸਾਂਝ ਵਤਨ ਨਾਲ ਤੇ ਵਿਸ਼ਵ ਪੱਧਰ 'ਤੇ ਪੁਆਈ ਰੱਖਣ ਲਈ ਹਮੇਸ਼ਾ ਤਤਪਰ ਰਹਿਣਗੇ।
ਸੰਨੀ ਏ-ਵੰਨ ਫਰੂਟ
ਸੰਦੇਸ਼
ਐਡੀਲੇਡ ਤੋਂ 'ਅਜੀਤ' ਦੇ ਪ੍ਰਤੀਨਿਧ ਗੁਰਮੀਤ ਸਿੰਘ ਵਾਲੀਆ ਵਲੋਂ ਵਿਸ਼ੇਸ਼ ਸਪਲੀਮੈਂਟ ਕੱਢਣ ਲਈ ਢੇਰ ਸਾਰੀਆਂ ਮੁਬਾਰਕਾਂ ਤੇ ਆਸ ਕਰਦਾ ਹਾਂ ਕਿ ਇਥੇ ਵਸਦੇ ਪੰਜਾਬੀ, ਭਾਰਤੀਆਂ ਦੀ ਸਾਂਝ ਵਤਨ ਨਾਲ ਤੇ ਵਿਸ਼ਵ ਪੱਧਰ 'ਤੇ ਪੁਆਈ ਰੱਖਣ ਲਈ ਹਮੇਸ਼ਾ ਤਤਪਰ ਰਹਿਣਗੇ।
ਜਸਦੀਪ ਮਾਨ
ਸੰਦੇਸ਼
ਐਡੀਲੇਡ ਤੋਂ 'ਅਜੀਤ' ਦੇ ਪ੍ਰਤੀਨਿਧ ਗੁਰਮੀਤ ਸਿੰਘ ਵਾਲੀਆ ਵਲੋਂ ਵਿਸ਼ੇਸ਼ ਸਪਲੀਮੈਂਟ ਕੱਢਣ ਲਈ ਢੇਰ ਸਾਰੀਆਂ ਮੁਬਾਰਕਾਂ ਤੇ ਆਸ ਕਰਦਾ ਹਾਂ ਕਿ ਇਥੇ ਵਸਦੇ ਪੰਜਾਬੀ, ਭਾਰਤੀਆਂ ਦੀ ਸਾਂਝ ਵਤਨ ਨਾਲ ਤੇ ਵਿਸ਼ਵ ਪੱਧਰ 'ਤੇ ਪੁਆਈ ਰੱਖਣ ਲਈ ਹਮੇਸ਼ਾ ਤਤਪਰ ਰਹਿਣਗੇ।
ਕਰਨ ਬਰਾੜ
ਸੰਦੇਸ਼
ਐਡੀਲੇਡ ਤੋਂ 'ਅਜੀਤ' ਦੇ ਪ੍ਰਤੀਨਿਧ ਗੁਰਮੀਤ ਸਿੰਘ ਵਾਲੀਆ ਵਲੋਂ ਵਿਸ਼ੇਸ਼ ਸਪਲੀਮੈਂਟ ਕੱਢਣ ਲਈ ਢੇਰ ਸਾਰੀਆਂ ਮੁਬਾਰਕਾਂ ਤੇ ਆਸ ਕਰਦਾ ਹਾਂ ਕਿ ਇਥੇ ਵਸਦੇ ਪੰਜਾਬੀ, ਭਾਰਤੀਆਂ ਦੀ ਸਾਂਝ ਵਤਨ ਨਾਲ ਤੇ ਵਿਸ਼ਵ ਪੱਧਰ 'ਤੇ ਪੁਆਈ ਰੱਖਣ ਲਈ ਹਮੇਸ਼ਾ ਤਤਪਰ ਰਹਿਣਗੇ।
ਪੁਸ਼ਪਿੰਦਰ ਸਿੰਘ
ਸੰਦੇਸ਼
ਐਡੀਲੇਡ ਤੋਂ 'ਅਜੀਤ' ਦੇ ਪ੍ਰਤੀਨਿਧ ਗੁਰਮੀਤ ਸਿੰਘ ਵਾਲੀਆ ਵਲੋਂ ਵਿਸ਼ੇਸ਼ ਸਪਲੀਮੈਂਟ ਕੱਢਣ ਲਈ ਢੇਰ ਸਾਰੀਆਂ ਮੁਬਾਰਕਾਂ ਤੇ ਆਸ ਕਰਦਾ ਹਾਂ ਕਿ ਇਥੇ ਵਸਦੇ ਪੰਜਾਬੀ, ਭਾਰਤੀਆਂ ਦੀ ਸਾਂਝ ਵਤਨ ਨਾਲ ਤੇ ਵਿਸ਼ਵ ਪੱਧਰ 'ਤੇ ਪੁਆਈ ਰੱਖਣ ਲਈ ਹਮੇਸ਼ਾ ਤਤਪਰ ਰਹਿਣਗੇ।
ਪ੍ਰਿਤਪਾਲ ਸਿੰਘ-ਰਮੇਸ਼ ਮਿੱਤਲ
ਸੰਦੇਸ਼
ਐਡੀਲੇਡ ਤੋਂ 'ਅਜੀਤ' ਦੇ ਪ੍ਰਤੀਨਿਧ ਗੁਰਮੀਤ ਸਿੰਘ ਵਾਲੀਆ ਵਲੋਂ ਵਿਸ਼ੇਸ਼ ਸਪਲੀਮੈਂਟ ਕੱਢਣ ਲਈ ਢੇਰ ਸਾਰੀਆਂ ਮੁਬਾਰਕਾਂ ਤੇ ਆਸ ਕਰਦਾ ਹਾਂ ਕਿ ਇਥੇ ਵਸਦੇ ਪੰਜਾਬੀ, ਭਾਰਤੀਆਂ ਦੀ ਸਾਂਝ ਵਤਨ ਨਾਲ ਤੇ ਵਿਸ਼ਵ ਪੱਧਰ 'ਤੇ ਪੁਆਈ ਰੱਖਣ ਲਈ ਹਮੇਸ਼ਾ ਤਤਪਰ ਰਹਿਣਗੇ।
ਬਲਵੰਤ ਸਿੰਘ
ਧੰਨਵਾਦ
ਮੈਂ ਉਨ੍ਹਾਂ ਸਾਰੇ ਸੱਜਣਾਂ-ਮਿੱਤਰਾਂ ਦਾ ਅਤਿ ਧੰਨਵਾਦੀ ਹਾਂ ਜਿਨ੍ਹਾਂ ਨੇ ਮੈਨੂੰ ਇਹ ਸਪਲੀਮੈਂਟ ਪ੍ਰਕਾਸ਼ਿਤ ਕਰਨ ਵਿਚ ਸਹਿਯੋਗ ਦਿੱਤਾ ਅਤੇ ਆਸ ਕਰਦਾ ਹਾਂ ਕਿ ਭਵਿੱਖ ਵਿਚ ਵੀ ਮੈਨੂੰ ਇਸੇ ਤਰ੍ਹਾਂ ਸਹਿਯੋਗ ਮਿਲਦਾ ਰਹੇਗਾ।
ਗੁਰਮੀਤ ਸਿੰਘ ਵਾਲੀਆ
ਪ੍ਰਤੀਨਿਧ ਐਡੀਲੇਡ
+61416827906
ਧੰਨ-ਧੰਨ ਸਾਹਿਬ ਸ੍ਰੀ ਗੁਰੂ ਨਾਨਕ ਦੇਵ ਜੀ ਦੇ 555ਵੇਂ ਪ੍ਰਕਾਸ਼ ਪੁਰਬ ਦੀਆਂ ਸਮੂਹ ਸੰਗਤਾਂ ਨੂੰ ਲੱਖ-ਲੱਖ ਵਧਾਈਆਂ !
WHOLE SALE DEALERS IN AUSTRALIA FOR FOOD AND MANY MUCH MORE ATTRACTIVE ITEMS ALSO
Royal Gold Multigrain Atta
Royal Gold Chakki Fresh Atta
ਐਡੀਲੇਡ ਤੋਂ 'ਅਜੀਤ' ਦਾ ਸਪਲੀਮੈਂਟ ਨਿਕਲਣ 'ਤੇ ਪੱਤਰਕਾਰ ਗੁਰਮੀਤ ਸਿੰਘ ਨੂੰ ਮੁਬਾਰਕਾਂ !
ਰਾਇਲ ਗੋਲਡ ਸਟਾਫ ਵਲੋਂ ਸਮੂਹ ਸੰਗਤ ਨੂੰ ਸ੍ਰੀ ਗੁਰੂ ਨਾਨਕ ਦੇਵ ਜੀ ਦੇ ਪ੍ਰਕਾਸ਼ ਪੁਰਬ ਦੀ ਲੱਖ-ਲੱਖ ਵਧਾਈ !
RG SAM MILLS PTY LTD,
3/58 SAWLER ROAD, VIRGINIA-SA-5120
RISE UP TUTORIALS (PTY LTD)
TUITION SERVICE
FROM RECEPTION TO YR-II
ENGLISH-MATHS-SCIENCE
0426 298 428
www.riseuptutorials.com.au
ANUJA KAPOTE
194A PROSPECT ROAD,
PROSPECT-5082
ANUJA KAPOTE
ਸ੍ਰੀ ਗੁਰੂ ਨਾਨਕ ਦੇਵ ਜੀ ਦੇ ਪ੍ਰਕਾਸ਼ ਪੁਰਬ ਦੀਆਂ ਸਮੂਹ ਸੰਗਤਾਂ ਨੂੰ ਲੱਖ-ਲੱਖ ਵਧਾਈਆਂ!
AUSTRALIAN GRAIN FLOUR MILL ADELAIDE
AUSTRALIAN GRAIN	CHAKKI FRESH ATTA
ਐਡੀਲੇਡ ਤੋਂ 'ਅਜੀਤ' ਦਾ ਸਪਲੀਮੈਂਟ ਨਿਕਲਣ 'ਤੇ ਪੱਤਰਕਾਰ ਗੁਰਮੀਤ ਸਿੰਘ ਨੂੰ ਖੁਸ਼ਗਵਾਰ ਮੁਬਾਰਕਾਂ
AUSTRALIAN GRAIN FLOUR MILL- ADELAIDE.
ਸ੍ਰੀ ਗੁਰੂ ਨਾਨਕ ਦੇਵ ਜੀ ਦੇ ਪ੍ਰਕਾਸ਼ ਪੁਰਬ ਦੀਆਂ ਸਮੂਹ ਸੰਗਤਾਂ ਨੂੰ ਲੱਖ-ਲੱਖ ਵਧਾਈਆਂ !
M: 0469703365
E: sunny@a1wholesaler.com.au
AS FRUIT & VEG
Whole Saler Fruit and Veg
Contact-Sunny, A1 Furit & Veg
ਧੰਨ ਧੰਨ ਸਾਹਿਬ ਸ੍ਰੀ ਗੁਰੂ ਨਾਨਕ ਦੇਵ ਜੀ ਮਹਾਰਾਜ ਜੀ ਦੇ 555ਵੇਂ ਪ੍ਰਕਾਸ਼ ਪੁਰਬ ਦੀਆਂ
ਸਮੂਹ ਸੰਗਤਾਂ ਨੂੰ ਲੱਖ-ਲੱਖ ਵਧਾਈਆਂ !
ਅਮਨ ਕਾਹਲੋਂ
SINCE 2022
KSR
TRANSPORT
ਐਡੀਲੇਡ ਤੋਂ 'ਅਜੀਤ' ਦਾ ਸਪਲੀਮੈਂਟ ਨਿਕਲਣਾ ਮਾਣ ਵਾਲੀ ਗੱਲ
AMANDEEP SINGH KAHLON
11 PENELOPE, AVE, Valley View-SA-5093.
Mob. No. - 0427994511
ਜਲੰਧਰ ਸ਼ਹਿਰੀ+ਦਿਹਾਤੀ
